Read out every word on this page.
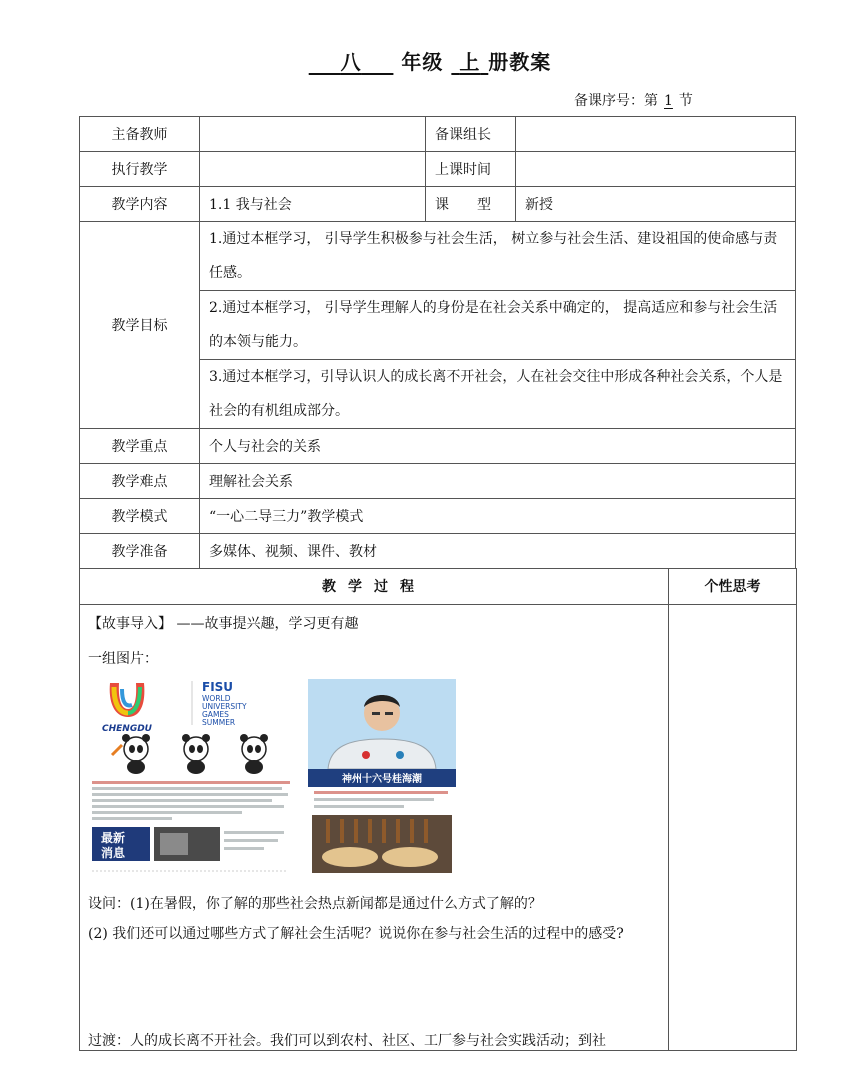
八 年级 上 册教案
备课序号：第 1 节
主备教师		备课组长	
执行教学		上课时间	
教学内容	1.1 我与社会	课　　型	新授
教学目标	1.通过本框学习， 引导学生积极参与社会生活， 树立参与社会生活、建设祖国的使命感与责任感。		
	2.通过本框学习， 引导学生理解人的身份是在社会关系中确定的， 提高适应和参与社会生活的本领与能力。		
	3.通过本框学习，引导认识人的成长离不开社会，人在社会交往中形成各种社会关系，个人是社会的有机组成部分。		
教学重点	个人与社会的关系		
教学难点	理解社会关系		
教学模式	“一心二导三力”教学模式		
教学准备	多媒体、视频、课件、教材		
教学过程	个性思考
【故事导入】 ——故事提兴趣，学习更有趣
一组图片：
CHENGDU
FISU
WORLD
UNIVERSITY
GAMES
SUMMER
最新
消息
神州十六号桂海潮
设问：(1)在暑假，你了解的那些社会热点新闻都是通过什么方式了解的？
(2) 我们还可以通过哪些方式了解社会生活呢？说说你在参与社会生活的过程中的感受?
过渡：人的成长离不开社会。我们可以到农村、社区、工厂参与社会实践活动；到社
